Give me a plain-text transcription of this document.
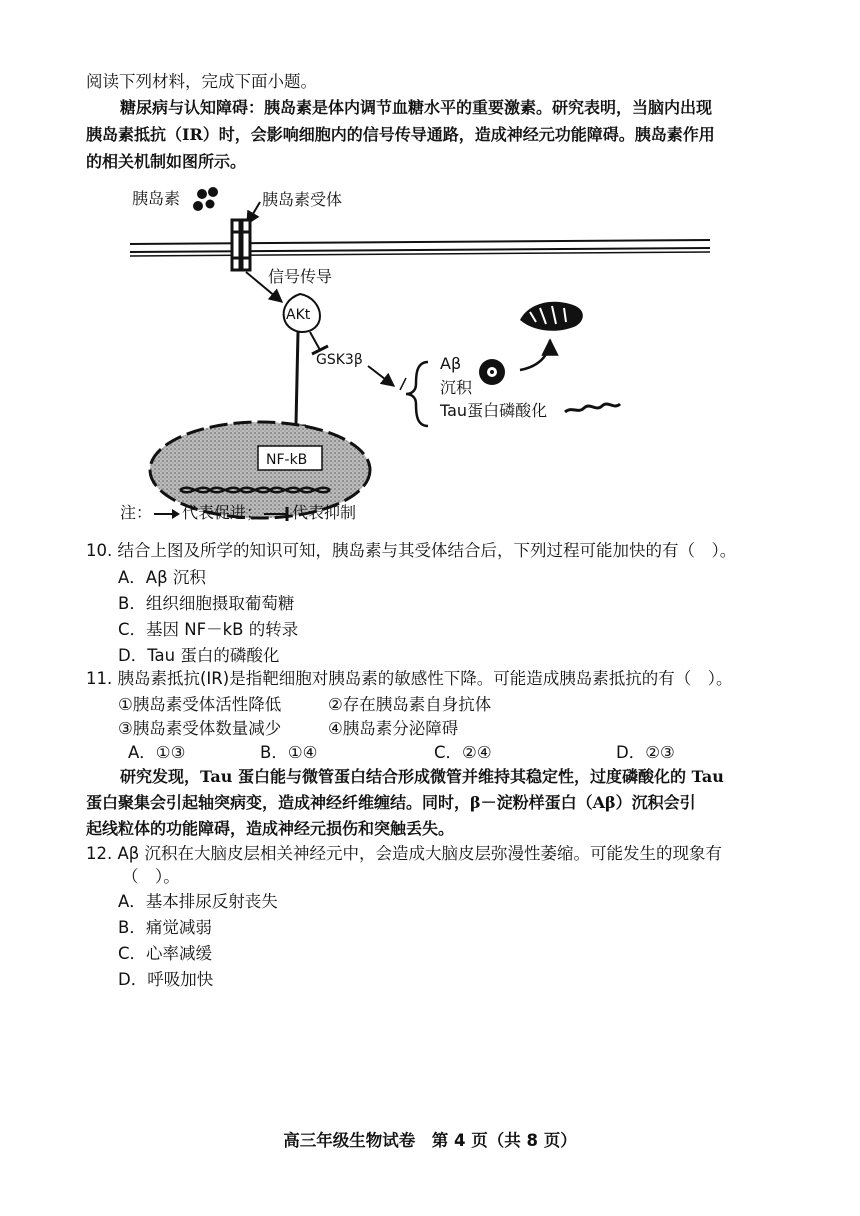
阅读下列材料，完成下面小题。
糖尿病与认知障碍：胰岛素是体内调节血糖水平的重要激素。研究表明，当脑内出现
胰岛素抵抗（IR）时，会影响细胞内的信号传导通路，造成神经元功能障碍。胰岛素作用
的相关机制如图所示。
胰岛素	胰岛素受体
信号传导
AKt
GSK3β	Aβ
沉积
Tau蛋白磷酸化
NF-kB
注： 代表促进； 代表抑制
10. 结合上图及所学的知识可知，胰岛素与其受体结合后，下列过程可能加快的有（　）。
A．Aβ 沉积
B．组织细胞摄取葡萄糖
C．基因 NF－kB 的转录
D．Tau 蛋白的磷酸化
11. 胰岛素抵抗(IR)是指靶细胞对胰岛素的敏感性下降。可能造成胰岛素抵抗的有（　）。
①胰岛素受体活性降低	②存在胰岛素自身抗体
③胰岛素受体数量减少	④胰岛素分泌障碍
A．①③	B．①④	C．②④	D．②③
研究发现，Tau 蛋白能与微管蛋白结合形成微管并维持其稳定性，过度磷酸化的 Tau
蛋白聚集会引起轴突病变，造成神经纤维缠结。同时，β－淀粉样蛋白（Aβ）沉积会引
起线粒体的功能障碍，造成神经元损伤和突触丢失。
12. Aβ 沉积在大脑皮层相关神经元中，会造成大脑皮层弥漫性萎缩。可能发生的现象有
（　）。
A．基本排尿反射丧失
B．痛觉减弱
C．心率减缓
D．呼吸加快
高三年级生物试卷　第 4 页（共 8 页）
